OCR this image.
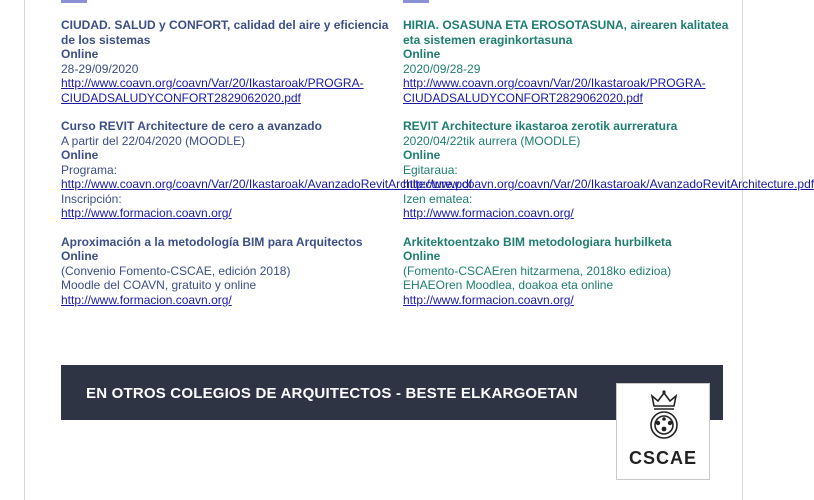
CIUDAD. SALUD y CONFORT, calidad del aire y eficiencia de los sistemas
Online
28-29/09/2020
http://www.coavn.org/coavn/Var/20/Ikastaroak/PROGRA-CIUDADSALUDYCONFORT2829062020.pdf
Curso REVIT Architecture de cero a avanzado
A partir del 22/04/2020 (MOODLE)
Online
Programa:
http://www.coavn.org/coavn/Var/20/Ikastaroak/AvanzadoRevitArchitecture.pdf
Inscripción:
http://www.formacion.coavn.org/
Aproximación a la metodología BIM para Arquitectos
Online
(Convenio Fomento-CSCAE, edición 2018)
Moodle del COAVN, gratuito y online
http://www.formacion.coavn.org/
HIRIA. OSASUNA ETA EROSOTASUNA, airearen kalitatea eta sistemen eraginkortasuna
Online
2020/09/28-29
http://www.coavn.org/coavn/Var/20/Ikastaroak/PROGRA-CIUDADSALUDYCONFORT2829062020.pdf
REVIT Architecture ikastaroa zerotik aurreratura
2020/04/22tik aurrera (MOODLE)
Online
Egitaraua:
http://www.coavn.org/coavn/Var/20/Ikastaroak/AvanzadoRevitArchitecture.pdf
Izen ematea:
http://www.formacion.coavn.org/
Arkitektoentzako BIM metodologiara hurbilketa
Online
(Fomento-CSCAEren hitzarmena, 2018ko edizioa)
EHAEOren Moodlea, doakoa eta online
http://www.formacion.coavn.org/
EN OTROS COLEGIOS DE ARQUITECTOS - BESTE ELKARGOETAN
CSCAE
